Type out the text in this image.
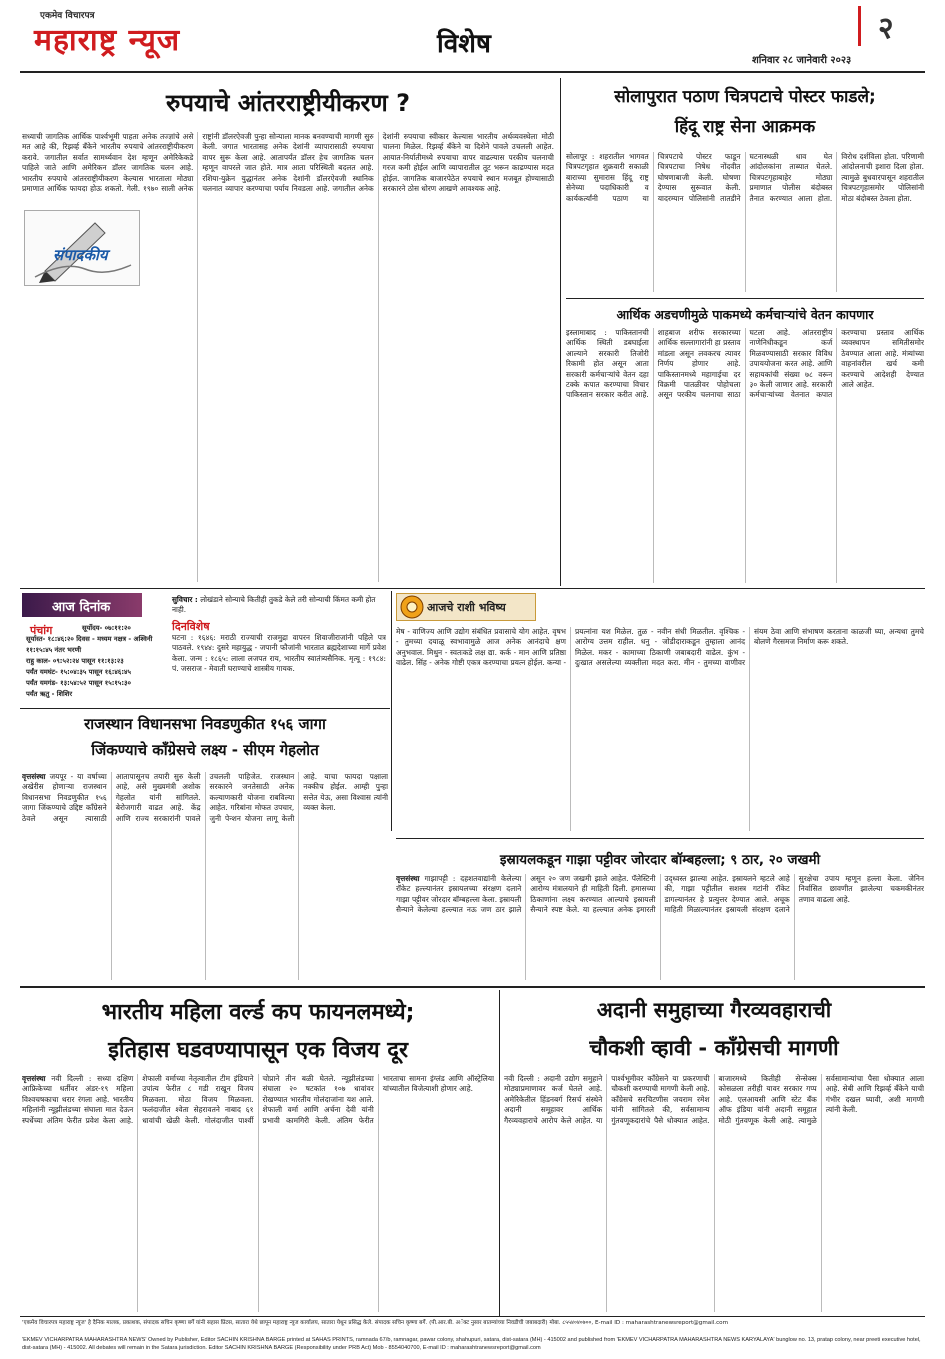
एकमेव विचारपत्र
महाराष्ट्र न्यूज	विशेष	२
शनिवार २८ जानेवारी २०२३
रुपयाचे आंतरराष्ट्रीयीकरण ?
संपादकीय
सध्याची जागतिक आर्थिक पार्श्वभूमी पाहता अनेक तज्ज्ञांचे असे मत आहे की, रिझर्व्ह बँकेने भारतीय रुपयाचे आंतरराष्ट्रीयीकरण करावे. जगातील सर्वात सामर्थ्यवान देश म्हणून अमेरिकेकडे पाहिले जाते आणि अमेरिकन डॉलर जागतिक चलन आहे. भारतीय रुपयाचे आंतरराष्ट्रीयीकरण केल्यास भारताला मोठ्या प्रमाणात आर्थिक फायदा होऊ शकतो. गेली. १९७० साली अनेक राष्ट्रांनी डॉलरऐवजी पुन्हा सोन्याला मानक बनवण्याची मागणी सुरु केली. जगात भारतासह अनेक देशांनी व्यापारासाठी रुपयाचा वापर सुरू केला आहे. आतापर्यंत डॉलर हेच जागतिक चलन म्हणून वापरले जात होते. मात्र आता परिस्थिती बदलत आहे. रशिया-युक्रेन युद्धानंतर अनेक देशांनी डॉलरऐवजी स्थानिक चलनात व्यापार करण्याचा पर्याय निवडला आहे. जगातील अनेक देशांनी रुपयाचा स्वीकार केल्यास भारतीय अर्थव्यवस्थेला मोठी चालना मिळेल. रिझर्व्ह बँकेने या दिशेने पावले उचलली आहेत. आयात-निर्यातीमध्ये रुपयाचा वापर वाढल्यास परकीय चलनाची गरज कमी होईल आणि व्यापारातील तूट भरून काढण्यास मदत होईल. जागतिक बाजारपेठेत रुपयाचे स्थान मजबूत होण्यासाठी सरकारने ठोस धोरण आखणे आवश्यक आहे.
सोलापुरात पठाण चित्रपटाचे पोस्टर फाडले;
हिंदू राष्ट्र सेना आक्रमक
सोलापूर : शहरातील भागवत चित्रपटगृहात शुक्रवारी सकाळी बाराच्या सुमारास हिंदू राष्ट्र सेनेच्या पदाधिकारी व कार्यकर्त्यांनी पठाण या चित्रपटाचे पोस्टर फाडून चित्रपटाचा निषेध नोंदवीत घोषणाबाजी केली. घोषणा देण्यास सुरूवात केली. यादरम्यान पोलिसांनी तातडीने घटनास्थळी धाव घेत आंदोलकांना ताब्यात घेतले. चित्रपटगृहाबाहेर मोठ्या प्रमाणात पोलीस बंदोबस्त तैनात करण्यात आला होता. विरोध दर्शविला होता. परिणामी आंदोलनाची इशारा दिला होता. त्यामुळे बुधवारपासून शहरातील चित्रपटगृहासमोर पोलिसांनी मोठा बंदोबस्त ठेवला होता.
आर्थिक अडचणीमुळे पाकमध्ये कर्मचाऱ्यांचे वेतन कापणार
इस्लामाबाद : पाकिस्तानची आर्थिक स्थिती डबघाईला आल्याने सरकारी तिजोरी रिकामी होत असून आता सरकारी कर्मचाऱ्यांचे वेतन दहा टक्के कपात करण्याचा विचार पाकिस्तान सरकार करीत आहे. शाहबाज शरीफ सरकारच्या आर्थिक सल्लागारांनी हा प्रस्ताव मांडला असून लवकरच त्यावर निर्णय होणार आहे. पाकिस्तानमध्ये महागाईचा दर विक्रमी पातळीवर पोहोचला असून परकीय चलनाचा साठा घटला आहे. आंतरराष्ट्रीय नाणेनिधीकडून कर्ज मिळवण्यासाठी सरकार विविध उपाययोजना करत आहे. आणि सहायकांची संख्या ७८ वरून ३० केली जाणार आहे. सरकारी कर्मचाऱ्यांच्या वेतनात कपात करण्याचा प्रस्ताव आर्थिक व्यवस्थापन समितीसमोर ठेवण्यात आला आहे. मंत्र्यांच्या वाहनांवरील खर्च कमी करण्याचे आदेशही देण्यात आले आहेत.
आज दिनांक
पंचांग	सूर्योदय- ०७:११:२०
सूर्यास्त- १८:४६:२० दिवस - मध्यम नक्षत्र - अश्विनी ११:१५:४५ नंतर भरणी
राहु काल- ०९:५२:२४ पासून ११:१३:२३
पर्यंत यमघंट- १५:०४:३५ पासून १६:४६:४५
पर्यंत यमगंड- १३:५४:५२ पासून १५:१५:३०
पर्यंत ऋतु - शिशिर
सुविचार : लोखंडाने सोन्याचे कितीही तुकडे केले तरी सोन्याची किंमत कमी होत नाही.
दिनविशेष
घटना : १६४६: मराठी राज्याची राजमुद्रा वापरन शिवाजीराजांनी पहिले पत्र पाठवले. १९४४: दुसरे महायुद्ध - जपानी फौजांनी भारतात ब्रह्मदेशाच्या मार्गे प्रवेश केला. जन्म : १८६५: लाला लजपत राय, भारतीय स्वातंत्र्यसैनिक. मृत्यू : १९८४: पं. जसराज - मेवाती घराण्याचे शास्त्रीय गायक.
आजचे राशी भविष्य
मेष - वाणिज्य आणि उद्योग संबंधित प्रवासाचे योग आहेत. वृषभ - तुमच्या दयाळू स्वभावामुळे आज अनेक आनंदाचे क्षण अनुभवाल. मिथुन - स्वतःकडे लक्ष द्या. कर्क - मान आणि प्रतिष्ठा वाढेल. सिंह - अनेक गोष्टी एकत्र करण्याचा प्रयत्न होईल. कन्या - प्रयत्नांना यश मिळेल. तुळ - नवीन संधी मिळतील. वृश्चिक - आरोग्य उत्तम राहील. धनु - जोडीदाराकडून तुम्हाला आनंद मिळेल. मकर - कामाच्या ठिकाणी जबाबदारी वाढेल. कुंभ - दुःखात असलेल्या व्यक्तीला मदत करा. मीन - तुमच्या वाणीवर संयम ठेवा आणि संभाषण करताना काळजी घ्या, अन्यथा तुमचे बोलणे गैरसमज निर्माण करू शकते.
राजस्थान विधानसभा निवडणुकीत १५६ जागा
जिंकण्याचे काँग्रेसचे लक्ष्य - सीएम गेहलोत
वृत्तसंस्था जयपूर - या वर्षाच्या अखेरीस होणाऱ्या राजस्थान विधानसभा निवडणुकीत १५६ जागा जिंकण्याचे उद्दिष्ट काँग्रेसने ठेवले असून त्यासाठी आतापासूनच तयारी सुरु केली आहे, असे मुख्यमंत्री अशोक गेहलोत यांनी सांगितले. बेरोजगारी वाढत आहे. केंद्र आणि राज्य सरकारांनी पावले उचलली पाहिजेत. राजस्थान सरकारने जनतेसाठी अनेक कल्याणकारी योजना राबविल्या आहेत. गरिबांना मोफत उपचार, जुनी पेन्शन योजना लागू केली आहे. याचा फायदा पक्षाला नक्कीच होईल. आम्ही पुन्हा सत्तेत येऊ, असा विश्वास त्यांनी व्यक्त केला.
इस्रायलकडून गाझा पट्टीवर जोरदार बॉम्बहल्ला; ९ ठार, २० जखमी
वृत्तसंस्था गाझापट्टी : दहशतवाद्यांनी केलेल्या रॉकेट हल्ल्यानंतर इस्रायलच्या संरक्षण दलाने गाझा पट्टीवर जोरदार बॉम्बहल्ला केला. इस्रायली सैन्याने केलेल्या हल्ल्यात नऊ जण ठार झाले असून २० जण जखमी झाले आहेत. पॅलेस्टिनी आरोग्य मंत्रालयाने ही माहिती दिली. हमासच्या ठिकाणांना लक्ष्य करण्यात आल्याचे इस्रायली सैन्याने स्पष्ट केले. या हल्ल्यात अनेक इमारती उद्ध्वस्त झाल्या आहेत. इस्रायलने म्हटले आहे की, गाझा पट्टीतील सशस्त्र गटांनी रॉकेट डागल्यानंतर हे प्रत्युत्तर देण्यात आले. अचूक माहिती मिळाल्यानंतर इस्रायली संरक्षण दलाने सुरक्षेचा उपाय म्हणून हल्ला केला. जेनिन निर्वासित छावणीत झालेल्या चकमकीनंतर तणाव वाढला आहे.
भारतीय महिला वर्ल्ड कप फायनलमध्ये;
इतिहास घडवण्यापासून एक विजय दूर
वृत्तसंस्था नवी दिल्ली : सध्या दक्षिण आफ्रिकेच्या धर्तीवर अंडर-१९ महिला विश्वचषकाचा थरार रंगला आहे. भारतीय महिलांनी न्यूझीलंडच्या संघाला मात देऊन स्पर्धेच्या अंतिम फेरीत प्रवेश केला आहे. शेफाली वर्माच्या नेतृत्वातील टीम इंडियाने उपांत्य फेरीत ८ गडी राखून विजय मिळवला. मोठा विजय मिळवला. फलंदाजीत श्वेता सेहरावतने नाबाद ६१ धावांची खेळी केली. गोलंदाजीत पार्श्वी चोप्राने तीन बळी घेतले. न्यूझीलंडच्या संघाला २० षटकांत १०७ धावांवर रोखण्यात भारतीय गोलंदाजांना यश आले. शेफाली वर्मा आणि अर्चना देवी यांनी प्रभावी कामगिरी केली. अंतिम फेरीत भारताचा सामना इंग्लंड आणि ऑस्ट्रेलिया यांच्यातील विजेत्याशी होणार आहे.
अदानी समुहाच्या गैरव्यवहाराची
चौकशी व्हावी - काँग्रेसची मागणी
नवी दिल्ली : अदानी उद्योग समुहाने मोठ्याप्रमाणावर कर्ज घेतले आहे. अमेरिकेतील हिंडनबर्ग रिसर्च संस्थेने अदानी समूहावर आर्थिक गैरव्यवहाराचे आरोप केले आहेत. या पार्श्वभूमीवर काँग्रेसने या प्रकरणाची चौकशी करण्याची मागणी केली आहे. काँग्रेसचे सरचिटणीस जयराम रमेश यांनी सांगितले की, सर्वसामान्य गुंतवणूकदारांचे पैसे धोक्यात आहेत. बाजारमध्ये कितीही सेन्सेक्स कोसळला तरीही यावर सरकार गप्प आहे. एलआयसी आणि स्टेट बँक ऑफ इंडिया यांनी अदानी समूहात मोठी गुंतवणूक केली आहे. त्यामुळे सर्वसामान्यांचा पैसा धोक्यात आला आहे. सेबी आणि रिझर्व्ह बँकेने याची गंभीर दखल घ्यावी, अशी मागणी त्यांनी केली.
'एकमेव विचारपत्र महाराष्ट्र न्यूज' हे दैनिक मालक, प्रकाशक, संपादक सचिन कृष्णा बर्गे यांनी सहास प्रिंटस, सातारा येथे छापून महाराष्ट्र न्यूज कार्यालय, सातारा येथून प्रसिद्ध केले. संपादक सचिन कृष्णा बर्गे. (पी.आर.बी. अॅक्ट नुसार बातम्यांच्या निवडीची जबाबदारी) मोबा. ८५५४०४०७००, E-mail ID : maharashtranewsreport@gmail.com
'EKMEV VICHARPATRA MAHARASHTRA NEWS' Owned by Publisher, Editor SACHIN KRISHNA BARGE printed at SAHAS PRINTS, ramnada 67/b, ramnagar, pawar colony, shahupuri, satara, dist-satara (MH) - 415002 and published from 'EKMEV VICHARPATRA MAHARASHTRA NEWS KARYALAYA' bunglow no. 13, pratap colony, near preeti executive hotel, dist-satara (MH) - 415002. All debates will remain in the Satara jurisdiction. Editor SACHIN KRISHNA BARGE (Responsibility under PRB Act) Mob - 8554040700, E-mail ID : maharashtranewsreport@gmail.com
